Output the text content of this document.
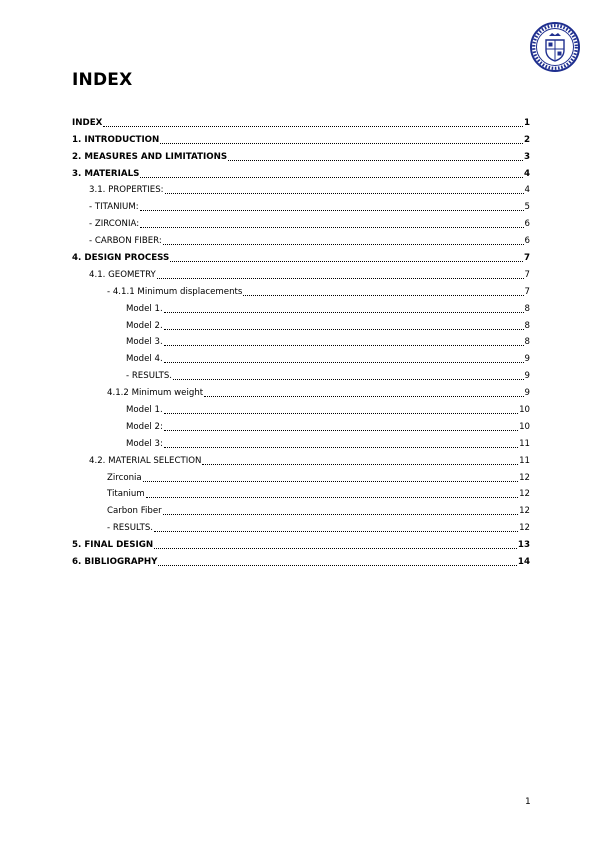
INDEX
INDEX	1
1. INTRODUCTION	2
2. MEASURES AND LIMITATIONS	3
3. MATERIALS	4
3.1. PROPERTIES:	4
- TITANIUM:	5
- ZIRCONIA:	6
- CARBON FIBER:	6
4. DESIGN PROCESS	7
4.1. GEOMETRY	7
- 4.1.1 Minimum displacements	7
Model 1.	8
Model 2.	8
Model 3.	8
Model 4.	9
- RESULTS.	9
4.1.2 Minimum weight	9
Model 1.	10
Model 2:	10
Model 3:	11
4.2. MATERIAL SELECTION	11
Zirconia	12
Titanium	12
Carbon Fiber	12
- RESULTS.	12
5. FINAL DESIGN	13
6. BIBLIOGRAPHY	14
1
